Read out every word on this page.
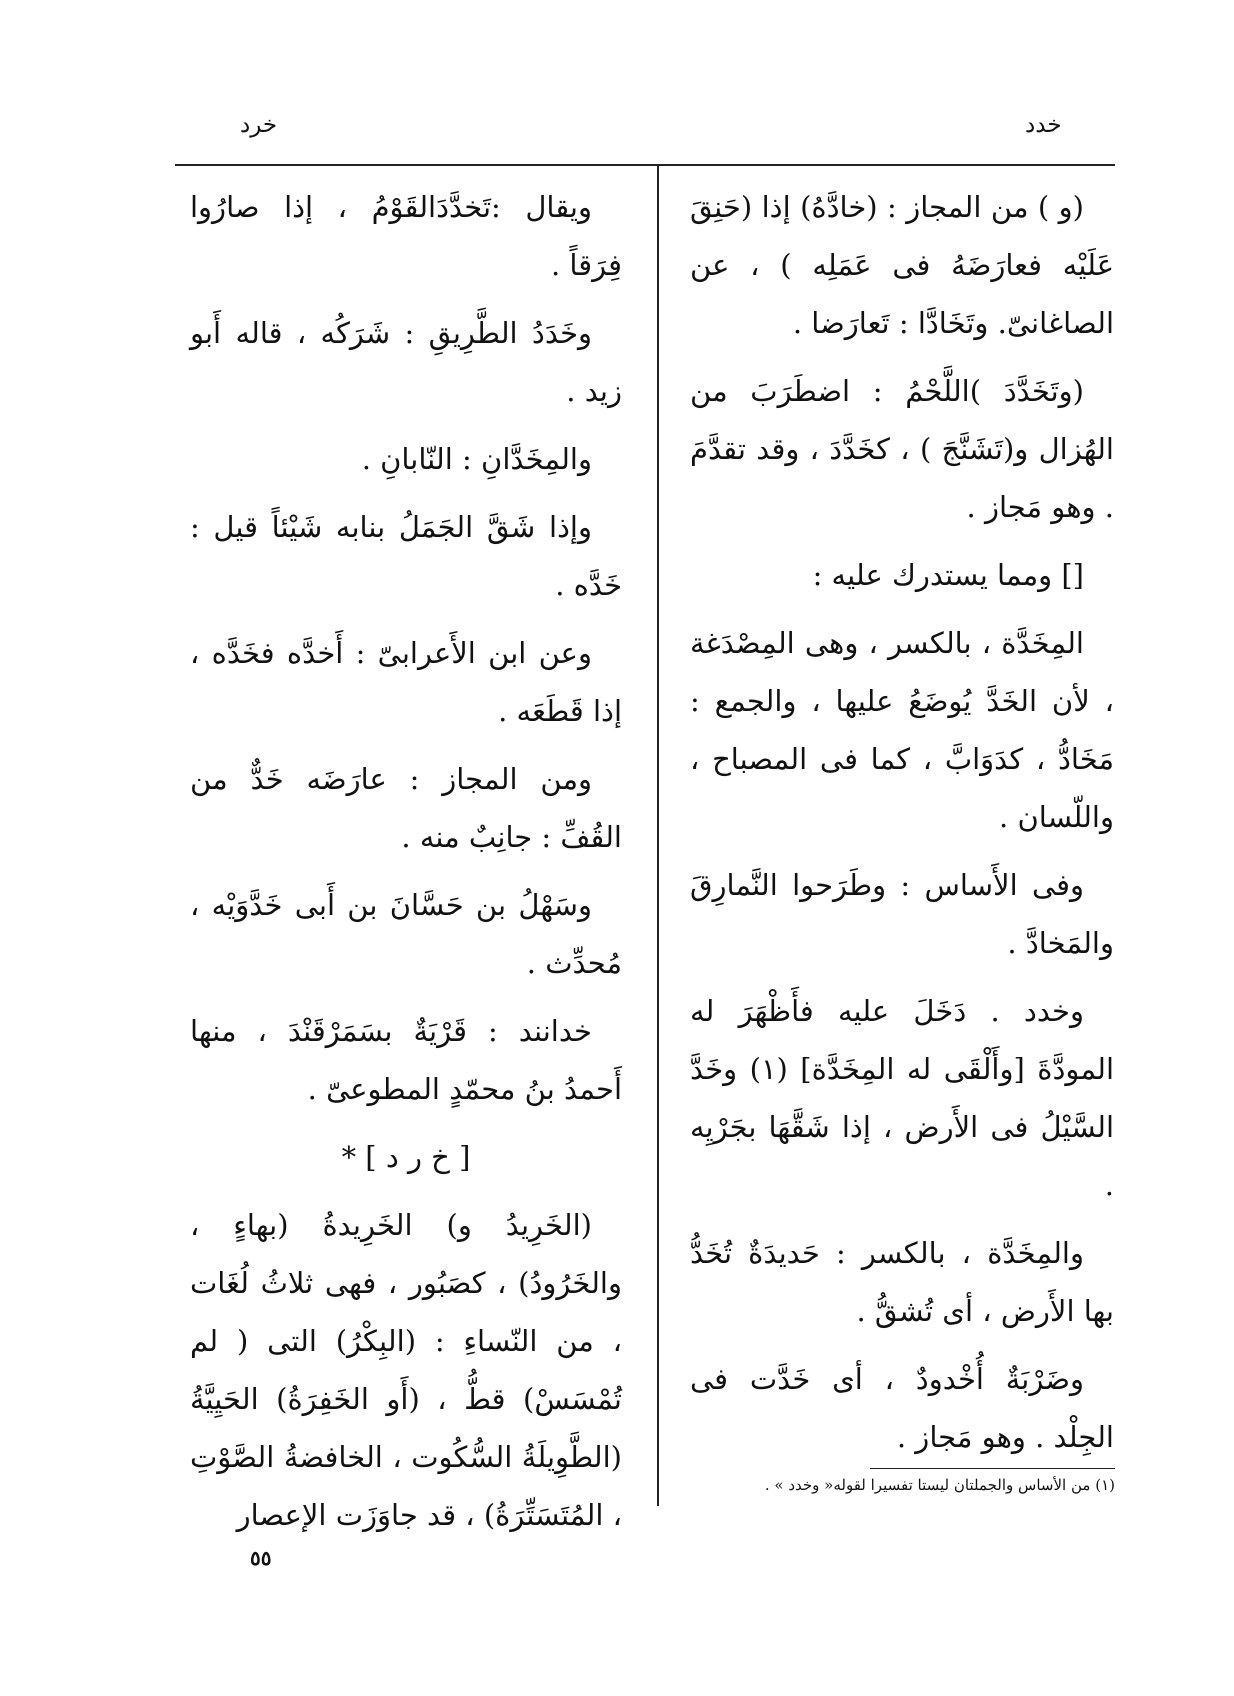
خدد
خرد

(و ) من المجاز : (خادَّهُ) إذا (حَنِقَ عَلَيْه فعارَضَهُ فى عَمَلِه ) ، عن الصاغانىّ. وتَخَادَّا : تَعارَضا .

(وتَخَدَّدَ )اللَّحْمُ : اضطَرَبَ من الهُزال و(تَشَنَّجَ ) ، كخَدَّدَ ، وقد تقدَّمَ . وهو مَجاز .

[] ومما يستدرك عليه :

المِخَدَّة ، بالكسر ، وهى المِصْدَغة ، لأن الخَدَّ يُوضَعُ عليها ، والجمع : مَخَادُّ ، كدَوَابَّ ، كما فى المصباح ، واللّسان .

وفى الأَساس : وطَرَحوا النَّمارِقَ والمَخادَّ .

وخدد . دَخَلَ عليه فأَظْهَرَ له المودَّةَ [وأَلْقَى له المِخَدَّة] (١) وخَدَّ السَّيْلُ فى الأَرض ، إذا شَقَّهَا بجَرْيِه .

والمِخَدَّة ، بالكسر : حَديدَةٌ تُخَدُّ بها الأَرض ، أى تُشقُّ .

وضَرْبَةٌ أُخْدودٌ ، أى خَدَّت فى الجِلْد . وهو مَجاز .

(١) من الأساس والجملتان ليستا تفسيرا لقوله« وخدد » .

ويقال :تَخدَّدَالقَوْمُ ، إذا صارُوا فِرَقاً .

وخَدَدُ الطَّرِيقِ : شَرَكُه ، قاله أَبو زيد .

والمِخَدَّانِ : النّابانِ .

وإذا شَقَّ الجَمَلُ بنابه شَيْئاً قيل : خَدَّه .

وعن ابن الأَعرابىّ : أَخدَّه فخَدَّه ، إذا قَطَعَه .

ومن المجاز : عارَضَه خَدٌّ من القُفِّ : جانِبٌ منه .

وسَهْلُ بن حَسَّانَ بن أَبى خَدَّوَيْه ، مُحدِّث .

خدانند : قَرْيَةٌ بسَمَرْقَنْدَ ، منها أَحمدُ بنُ محمّدٍ المطوعىّ .

[ خ ر د ] *

(الخَرِيدُ و) الخَرِيدةُ (بهاءٍ ، والخَرُودُ) ، كصَبُور ، فهى ثلاثُ لُغَات ، من النّساءِ : (البِكْرُ) التى ( لم تُمْسَسْ) قطُّ ، (أَو الخَفِرَةُ) الحَيِيَّةُ (الطَّوِيلَةُ السُّكُوت ، الخافضةُ الصَّوْتِ ، المُتَسَتِّرَةُ) ، قد جاوَزَت الإعصار

٥٥
